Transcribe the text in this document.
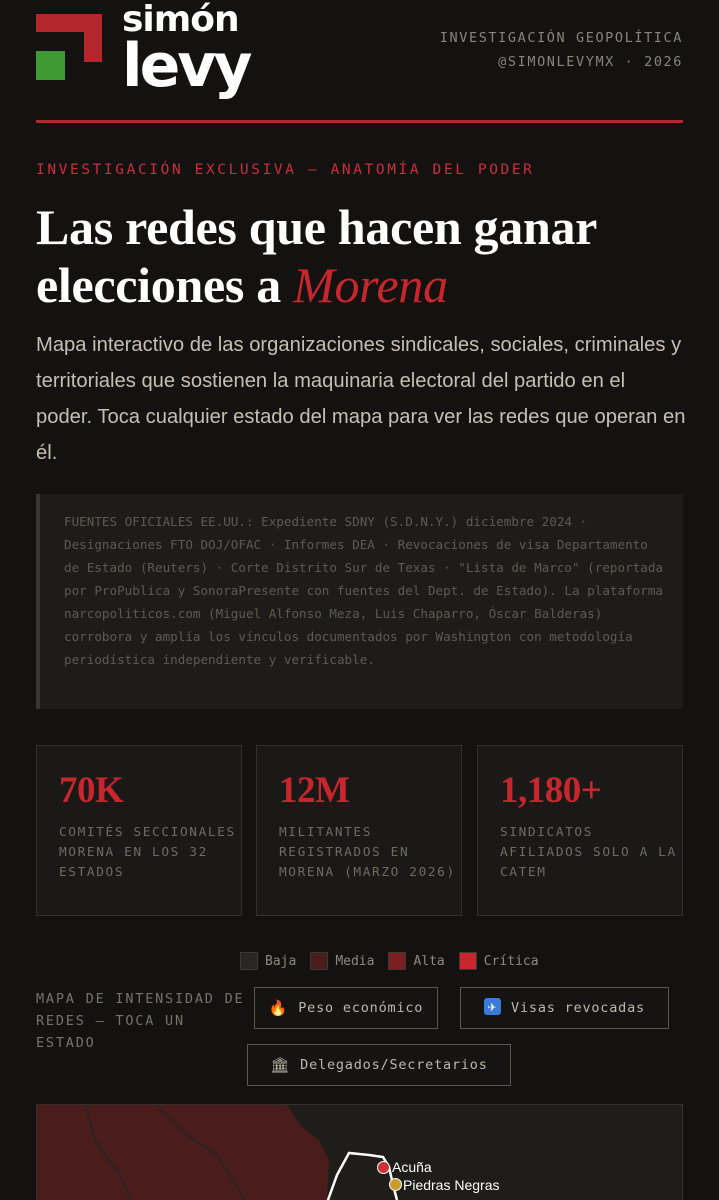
simón
levy	INVESTIGACIÓN GEOPOLÍTICA
@SIMONLEVYMX · 2026
INVESTIGACIÓN EXCLUSIVA — ANATOMÍA DEL PODER
Las redes que hacen ganar elecciones a Morena

Mapa interactivo de las organizaciones sindicales, sociales, criminales y territoriales que sostienen la maquinaria electoral del partido en el poder. Toca cualquier estado del mapa para ver las redes que operan en él.

FUENTES OFICIALES EE.UU.: Expediente SDNY (S.D.N.Y.) diciembre 2024 · Designaciones FTO DOJ/OFAC · Informes DEA · Revocaciones de visa Departamento de Estado (Reuters) · Corte Distrito Sur de Texas · "Lista de Marco" (reportada por ProPublica y SonoraPresente con fuentes del Dept. de Estado). La plataforma narcopoliticos.com (Miguel Alfonso Meza, Luis Chaparro, Óscar Balderas) corrobora y amplía los vínculos documentados por Washington con metodología periodística independiente y verificable.
70K
COMITÉS SECCIONALES MORENA EN LOS 32 ESTADOS
12M
MILITANTES REGISTRADOS EN MORENA (MARZO 2026)
1,180+
SINDICATOS AFILIADOS SOLO A LA CATEM
Baja	Media	Alta	Crítica
MAPA DE INTENSIDAD DE REDES — TOCA UN ESTADO
🔥 Peso económico	✈ Visas revocadas
🏛 Delegados/Secretarios
Acuña
Piedras Negras
